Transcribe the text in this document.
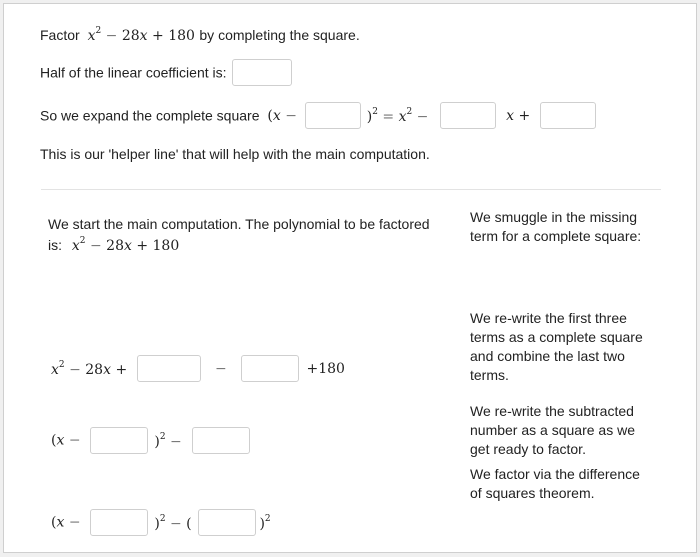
Factor $x^2 - 28x + 180$ by completing the square.
Half of the linear coefficient is:
So we expand the complete square (x −	)$^2 = x^2$ −	x +
This is our 'helper line' that will help with the main computation.
We start the main computation. The polynomial to be factored
is: $x^2 - 28x + 180$
We smuggle in the missing term for a complete square:
We re-write the first three terms as a complete square and combine the last two terms.
We re-write the subtracted number as a square as we get ready to factor.
We factor via the difference of squares theorem.
$x^2 - 28x$ +	−	+180
(x −	)$^2$ −
(x −	)$^2$ − (	)$^2$
